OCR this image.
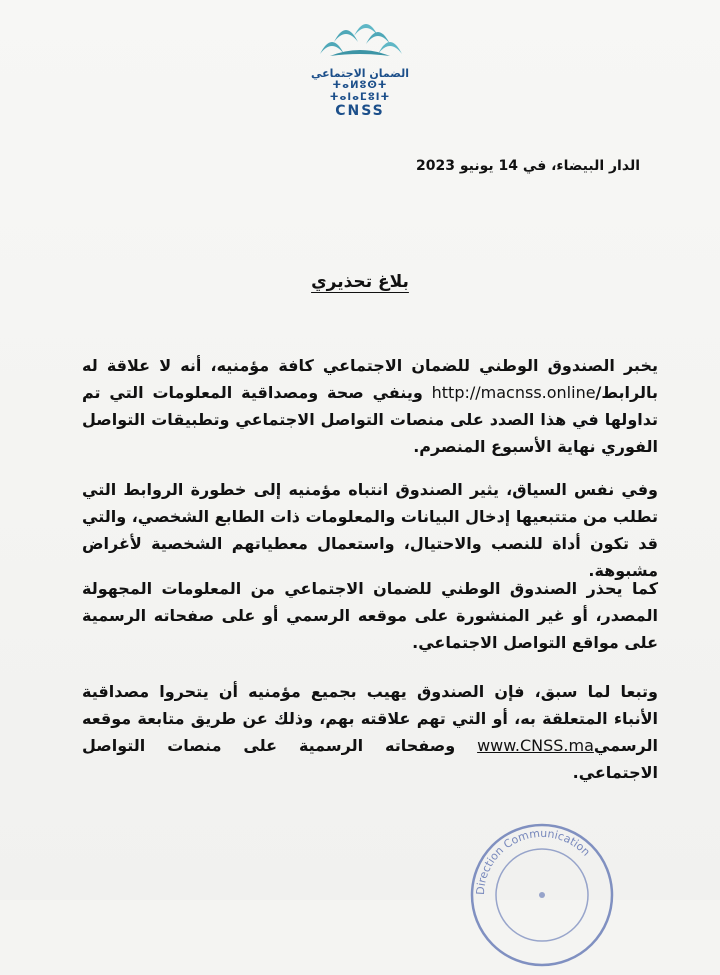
الضمان الاجتماعي
ⵜⴰⵍⵓⵙⵜ ⵜⴰⵏⴰⵎⵓⵏⵜ
CNSS
الدار البيضاء، في 14 يونيو 2023
بلاغ تحذيري
يخبر الصندوق الوطني للضمان الاجتماعي كافة مؤمنيه، أنه لا علاقة له بالرابط/http://macnss.online وينفي صحة ومصداقية المعلومات التي تم تداولها في هذا الصدد على منصات التواصل الاجتماعي وتطبيقات التواصل الفوري نهاية الأسبوع المنصرم.
وفي نفس السياق، يثير الصندوق انتباه مؤمنيه إلى خطورة الروابط التي تطلب من متتبعيها إدخال البيانات والمعلومات ذات الطابع الشخصي، والتي قد تكون أداة للنصب والاحتيال، واستعمال معطياتهم الشخصية لأغراض مشبوهة.
كما يحذر الصندوق الوطني للضمان الاجتماعي من المعلومات المجهولة المصدر، أو غير المنشورة على موقعه الرسمي أو على صفحاته الرسمية على مواقع التواصل الاجتماعي.
وتبعا لما سبق، فإن الصندوق يهيب بجميع مؤمنيه أن يتحروا مصداقية الأنباء المتعلقة به، أو التي تهم علاقته بهم، وذلك عن طريق متابعة موقعه الرسميwww.CNSS.ma وصفحاته الرسمية على منصات التواصل الاجتماعي.
Direction Communication
